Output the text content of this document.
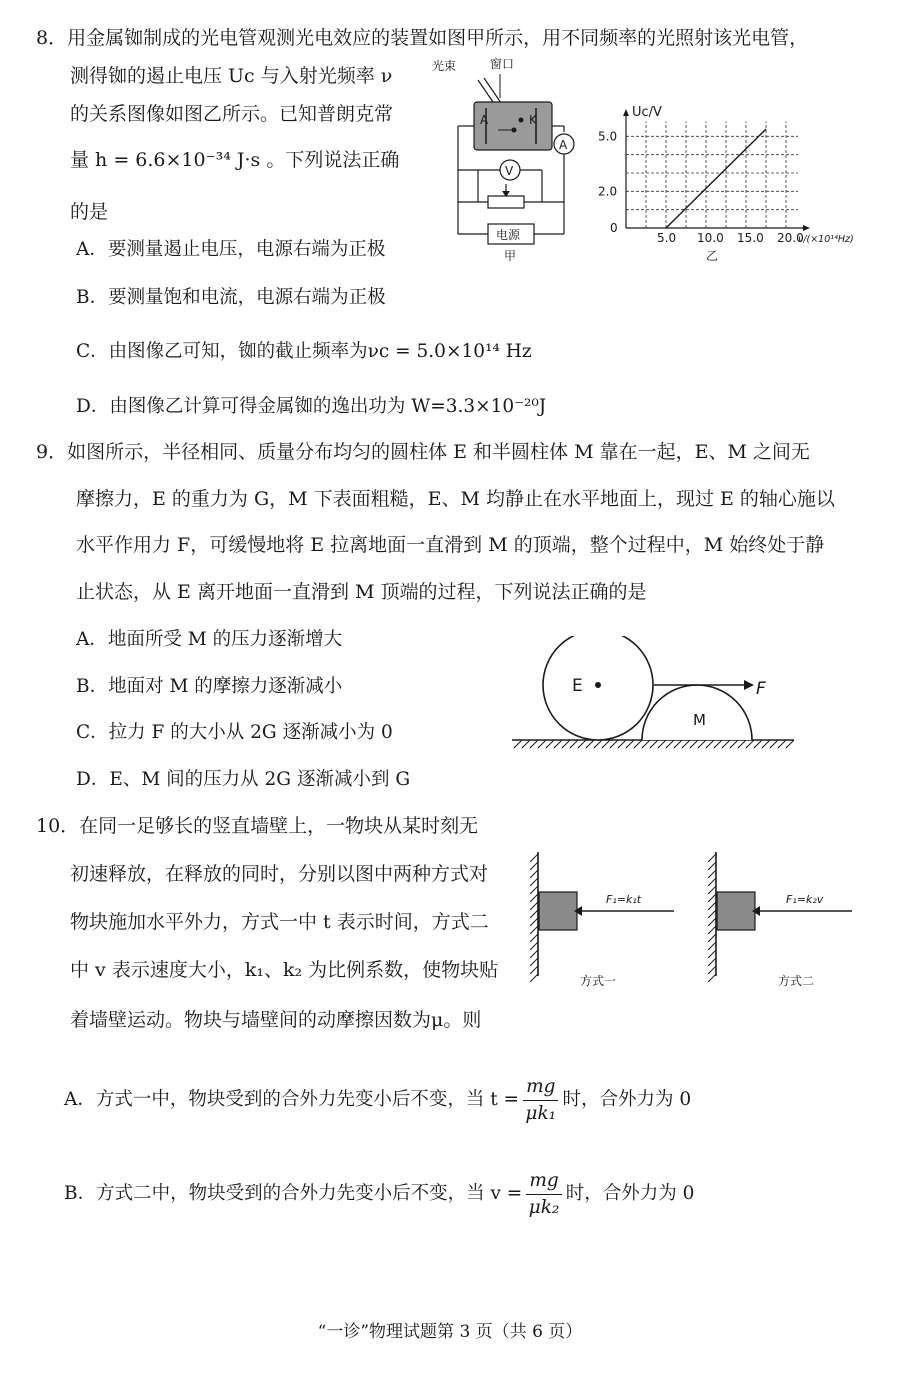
8．用金属铷制成的光电管观测光电效应的装置如图甲所示，用不同频率的光照射该光电管，
测得铷的遏止电压 Uc 与入射光频率 ν
的关系图像如图乙所示。已知普朗克常
量 h = 6.6×10⁻³⁴ J·s 。下列说法正确
的是
A．要测量遏止电压，电源右端为正极
B．要测量饱和电流，电源右端为正极
C．由图像乙可知，铷的截止频率为νc = 5.0×10¹⁴ Hz
D．由图像乙计算可得金属铷的逸出功为 W=3.3×10⁻²⁰J
光束	窗口
A	K
A
V
电源
甲
5.0 10.0 15.0 20.0
0
2.0
5.0
ν/(×10¹⁴Hz)
Uc/V
乙
9．如图所示，半径相同、质量分布均匀的圆柱体 E 和半圆柱体 M 靠在一起，E、M 之间无
摩擦力，E 的重力为 G，M 下表面粗糙，E、M 均静止在水平地面上，现过 E 的轴心施以
水平作用力 F，可缓慢地将 E 拉离地面一直滑到 M 的顶端，整个过程中，M 始终处于静
止状态，从 E 离开地面一直滑到 M 顶端的过程，下列说法正确的是
A．地面所受 M 的压力逐渐增大
B．地面对 M 的摩擦力逐渐减小
C．拉力 F 的大小从 2G 逐渐减小为 0
D．E、M 间的压力从 2G 逐渐减小到 G
E
M
F
10．在同一足够长的竖直墙壁上，一物块从某时刻无
初速释放，在释放的同时，分别以图中两种方式对
物块施加水平外力，方式一中 t 表示时间，方式二
中 v 表示速度大小，k₁、k₂ 为比例系数，使物块贴
着墙壁运动。物块与墙壁间的动摩擦因数为μ。则
F₁=k₁t
方式一
F₁=k₂v
方式二
A．方式一中，物块受到的合外力先变小后不变，当 $t = \frac{mg}{\text{μk₁}}$ 时，合外力为 0
B．方式二中，物块受到的合外力先变小后不变，当 $v = \frac{mg}{\text{μk₂}}$ 时，合外力为 0
“一诊”物理试题第 3 页（共 6 页）
